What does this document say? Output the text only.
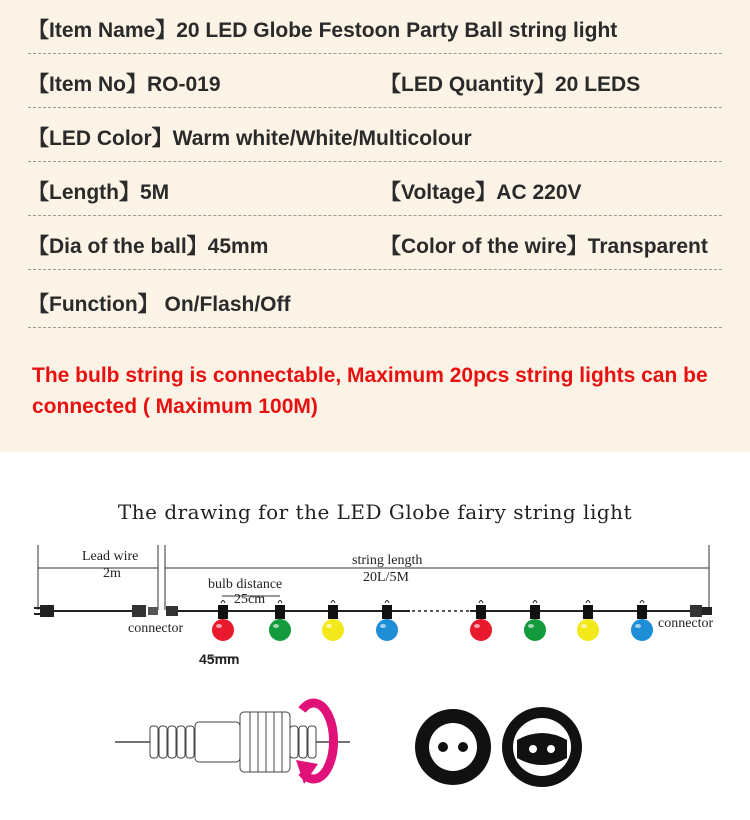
【Item Name】20 LED Globe Festoon Party Ball string light
【Item No】RO-019	【LED Quantity】20 LEDS
【LED Color】Warm white/White/Multicolour
【Length】5M	【Voltage】AC 220V
【Dia of the ball】45mm	【Color of the wire】Transparent
【Function】 On/Flash/Off
The bulb string is connectable, Maximum 20pcs string lights can be connected ( Maximum 100M)
The drawing for the LED Globe fairy string light
Lead wire
2m
string length
20L/5M
bulb distance
25cm
connector	connector
45mm
